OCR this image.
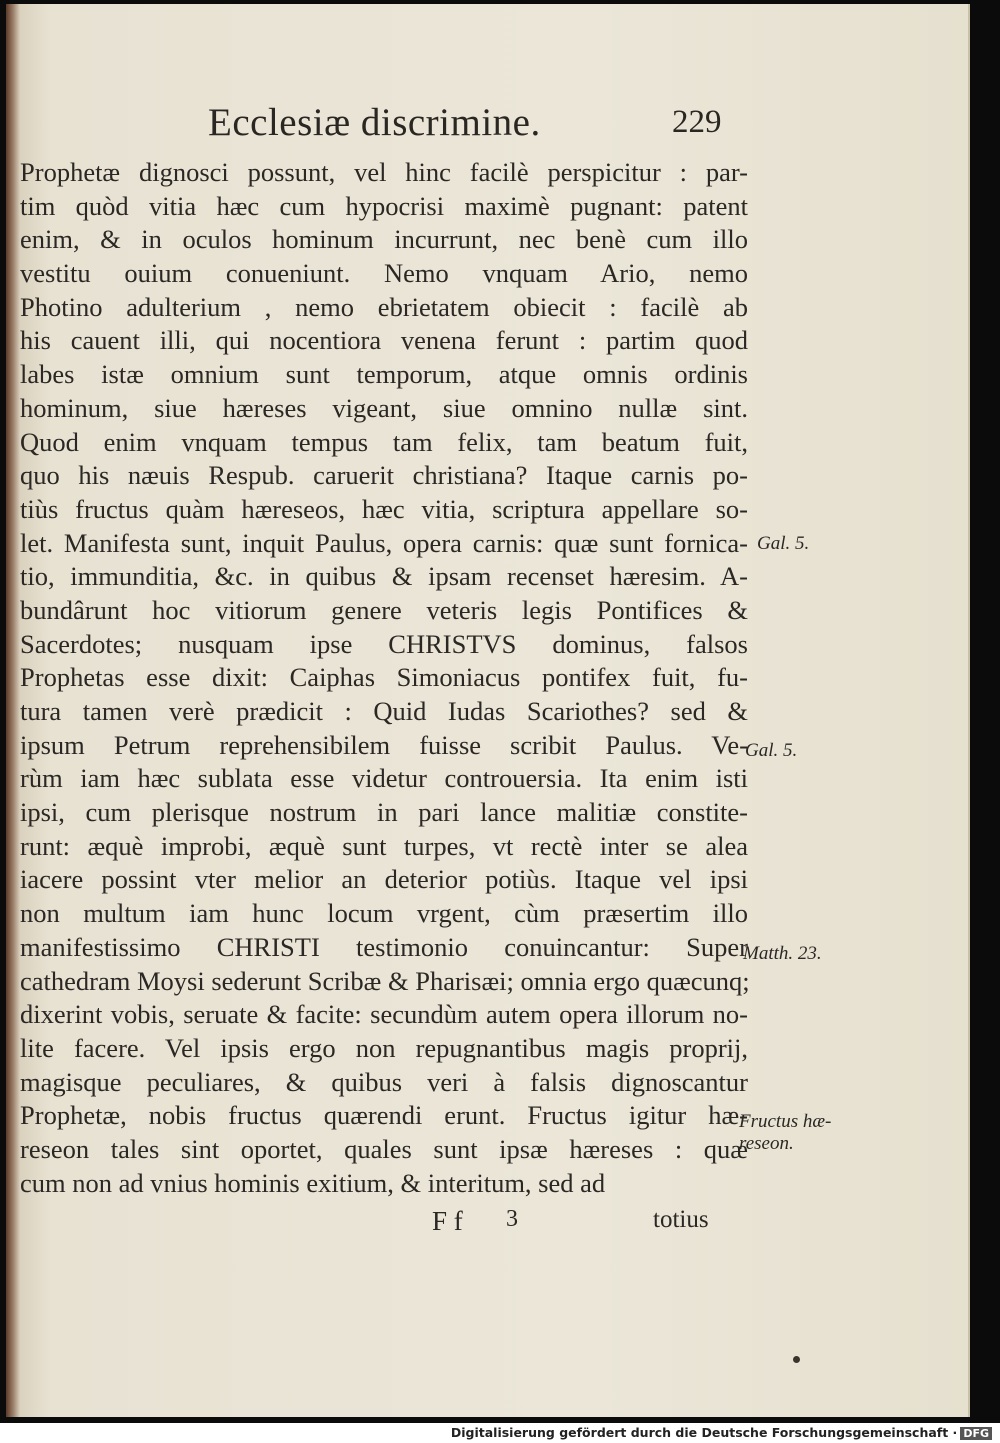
Ecclesiæ discrimine.	229
Prophetæ dignosci possunt, vel hinc facilè perspicitur : par-
tim quòd vitia hæc cum hypocrisi maximè pugnant: patent
enim, & in oculos hominum incurrunt, nec benè cum illo
vestitu ouium conueniunt. Nemo vnquam Ario, nemo
Photino adulterium , nemo ebrietatem obiecit : facilè ab
his cauent illi, qui nocentiora venena ferunt : partim quod
labes istæ omnium sunt temporum, atque omnis ordinis
hominum, siue hæreses vigeant, siue omnino nullæ sint.
Quod enim vnquam tempus tam felix, tam beatum fuit,
quo his næuis Respub. caruerit christiana? Itaque carnis po-
tiùs fructus quàm hæreseos, hæc vitia, scriptura appellare so-
let. Manifesta sunt, inquit Paulus, opera carnis: quæ sunt fornica-
tio, immunditia, &c. in quibus & ipsam recenset hæresim. A-
bundârunt hoc vitiorum genere veteris legis Pontifices &
Sacerdotes; nusquam ipse CHRISTVS dominus, falsos
Prophetas esse dixit: Caiphas Simoniacus pontifex fuit, fu-
tura tamen verè prædicit : Quid Iudas Scariothes? sed &
ipsum Petrum reprehensibilem fuisse scribit Paulus. Ve-
rùm iam hæc sublata esse videtur controuersia. Ita enim isti
ipsi, cum plerisque nostrum in pari lance malitiæ constite-
runt: æquè improbi, æquè sunt turpes, vt rectè inter se alea
iacere possint vter melior an deterior potiùs. Itaque vel ipsi
non multum iam hunc locum vrgent, cùm præsertim illo
manifestissimo CHRISTI testimonio conuincantur: Super
cathedram Moysi sederunt Scribæ & Pharisæi; omnia ergo quæcunq;
dixerint vobis, seruate & facite: secundùm autem opera illorum no-
lite facere. Vel ipsis ergo non repugnantibus magis proprij,
magisque peculiares, & quibus veri à falsis dignoscantur
Prophetæ, nobis fructus quærendi erunt. Fructus igitur hæ-
reseon tales sint oportet, quales sunt ipsæ hæreses : quæ
cum non ad vnius hominis exitium, & interitum, sed ad
Gal. 5.
Gal. 5.
Matth. 23.
Fructus hæ-
reseon.
F f 3	totius
Digitalisierung gefördert durch die Deutsche Forschungsgemeinschaft · DFG
